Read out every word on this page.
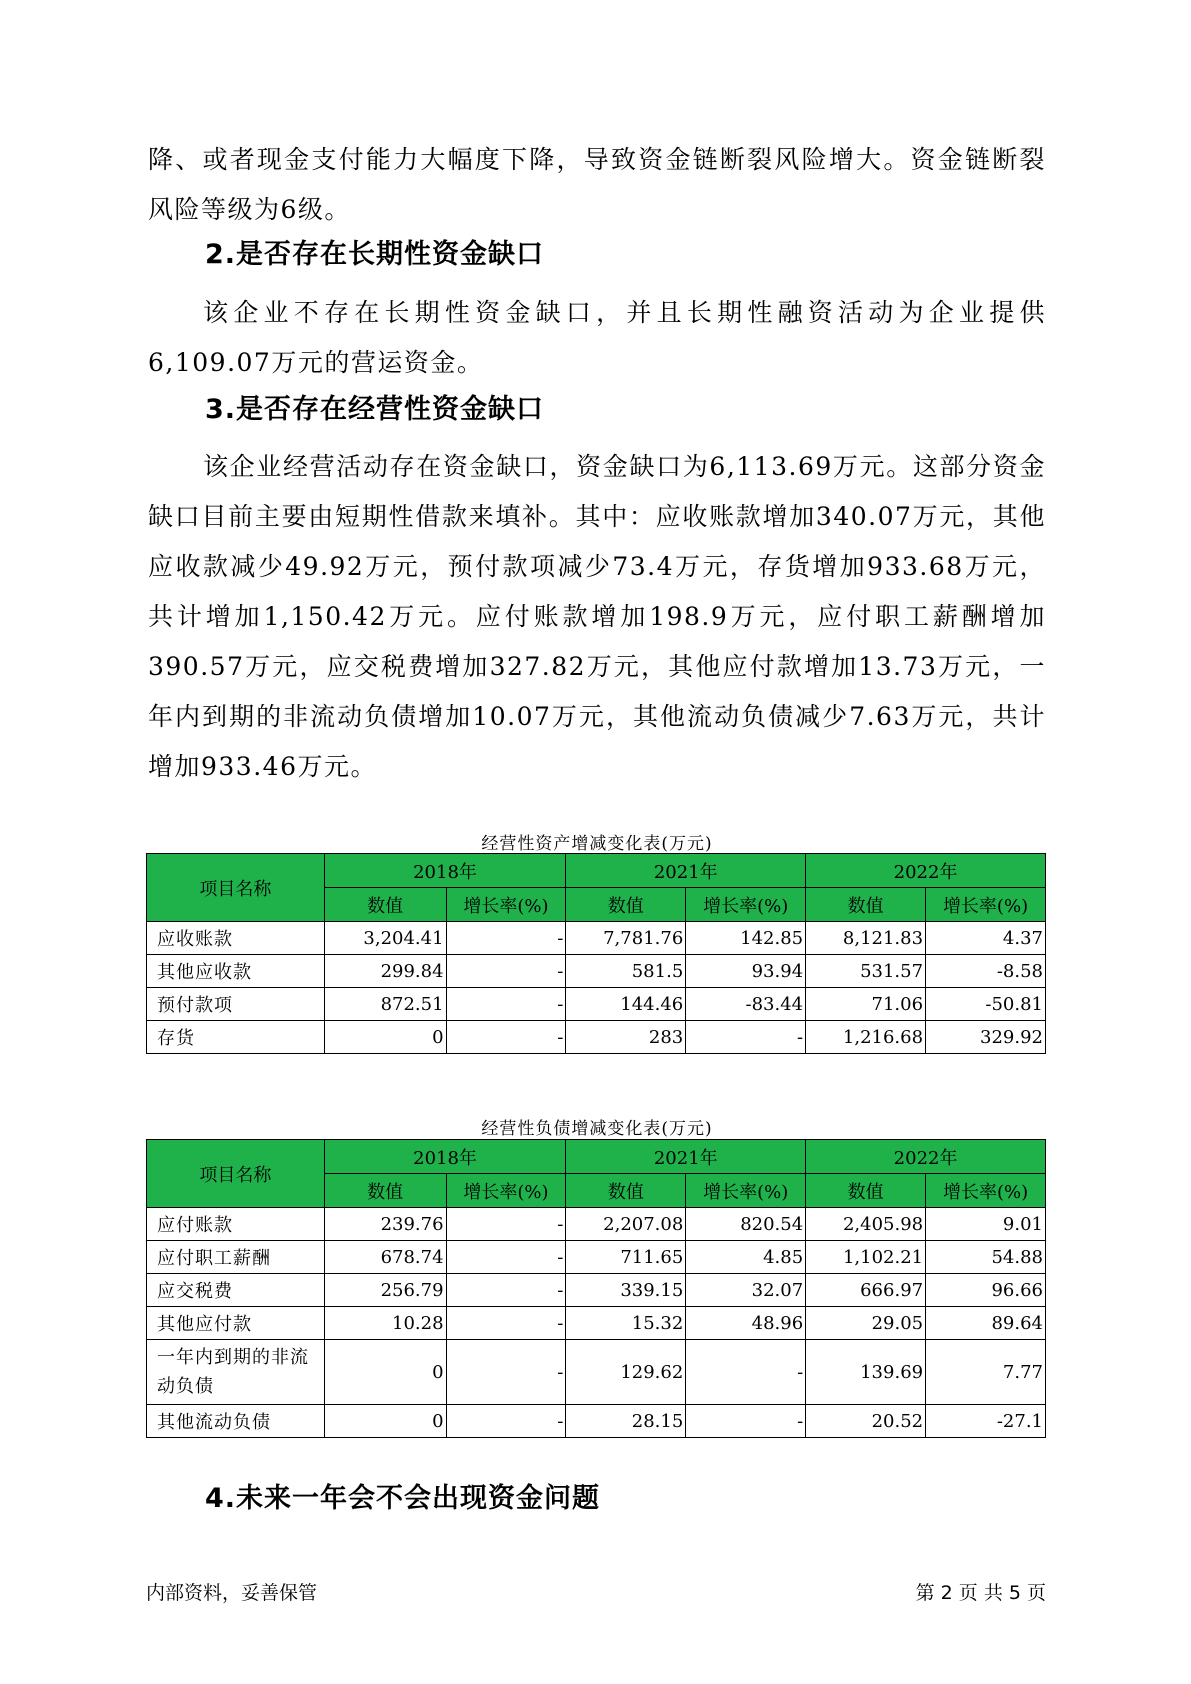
降、或者现金支付能力大幅度下降，导致资金链断裂风险增大。资金链断裂风险等级为6级。

2.是否存在长期性资金缺口

该企业不存在长期性资金缺口，并且长期性融资活动为企业提供6,109.07万元的营运资金。

3.是否存在经营性资金缺口

该企业经营活动存在资金缺口，资金缺口为6,113.69万元。这部分资金缺口目前主要由短期性借款来填补。其中：应收账款增加340.07万元，其他应收款减少49.92万元，预付款项减少73.4万元，存货增加933.68万元，共计增加1,150.42万元。应付账款增加198.9万元，应付职工薪酬增加390.57万元，应交税费增加327.82万元，其他应付款增加13.73万元，一年内到期的非流动负债增加10.07万元，其他流动负债减少7.63万元，共计增加933.46万元。

经营性资产增减变化表(万元)
项目名称	2018年		2021年		2022年	
	数值	增长率(%)	数值	增长率(%)	数值	增长率(%)
应收账款	3,204.41	-	7,781.76	142.85	8,121.83	4.37
其他应收款	299.84	-	581.5	93.94	531.57	-8.58
预付款项	872.51	-	144.46	-83.44	71.06	-50.81
存货	0	-	283	-	1,216.68	329.92
经营性负债增减变化表(万元)
项目名称	2018年		2021年		2022年	
	数值	增长率(%)	数值	增长率(%)	数值	增长率(%)
应付账款	239.76	-	2,207.08	820.54	2,405.98	9.01
应付职工薪酬	678.74	-	711.65	4.85	1,102.21	54.88
应交税费	256.79	-	339.15	32.07	666.97	96.66
其他应付款	10.28	-	15.32	48.96	29.05	89.64
一年内到期的非流动负债	0	-	129.62	-	139.69	7.77
其他流动负债	0	-	28.15	-	20.52	-27.1
4.未来一年会不会出现资金问题
内部资料，妥善保管	第 2 页 共 5 页
